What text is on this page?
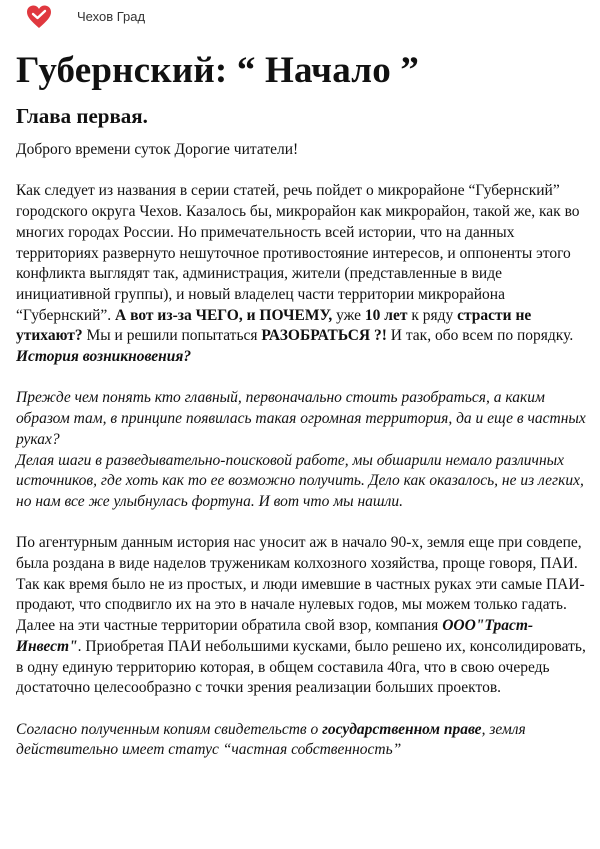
Чехов Град
Губернский: “ Начало ”
Глава первая.

Доброго времени суток Дорогие читатели!

Как следует из названия в серии статей, речь пойдет о микрорайоне “Губернский” городского округа Чехов. Казалось бы, микрорайон как микрорайон, такой же, как во многих городах России. Но примечательность всей истории, что на данных территориях развернуто нешуточное противостояние интересов, и оппоненты этого конфликта выглядят так, администрация, жители (представленные в виде инициативной группы), и новый владелец части территории микрорайона “Губернский”. А вот из-за ЧЕГО, и ПОЧЕМУ, уже 10 лет к ряду страсти не утихают? Мы и решили попытаться РАЗОБРАТЬСЯ ?! И так, обо всем по порядку.

История возникновения?

Прежде чем понять кто главный, первоначально стоить разобраться, а каким образом там, в принципе появилась такая огромная территория, да и еще в частных руках?

Делая шаги в разведывательно-поисковой работе, мы обшарили немало различных источников, где хоть как то ее возможно получить. Дело как оказалось, не из легких, но нам все же улыбнулась фортуна. И вот что мы нашли.

По агентурным данным история нас уносит аж в начало 90-х, земля еще при совдепе, была роздана в виде наделов труженикам колхозного хозяйства, проще говоря, ПАИ. Так как время было не из простых, и люди имевшие в частных руках эти самые ПАИ- продают, что сподвигло их на это в начале нулевых годов, мы можем только гадать. Далее на эти частные территории обратила свой взор, компания ООО"Траст-Инвест". Приобретая ПАИ небольшими кусками, было решено их, консолидировать, в одну единую территорию которая, в общем составила 40га, что в свою очередь достаточно целесообразно с точки зрения реализации больших проектов.

Согласно полученным копиям свидетельств о государственном праве, земля действительно имеет статус “частная собственность”
